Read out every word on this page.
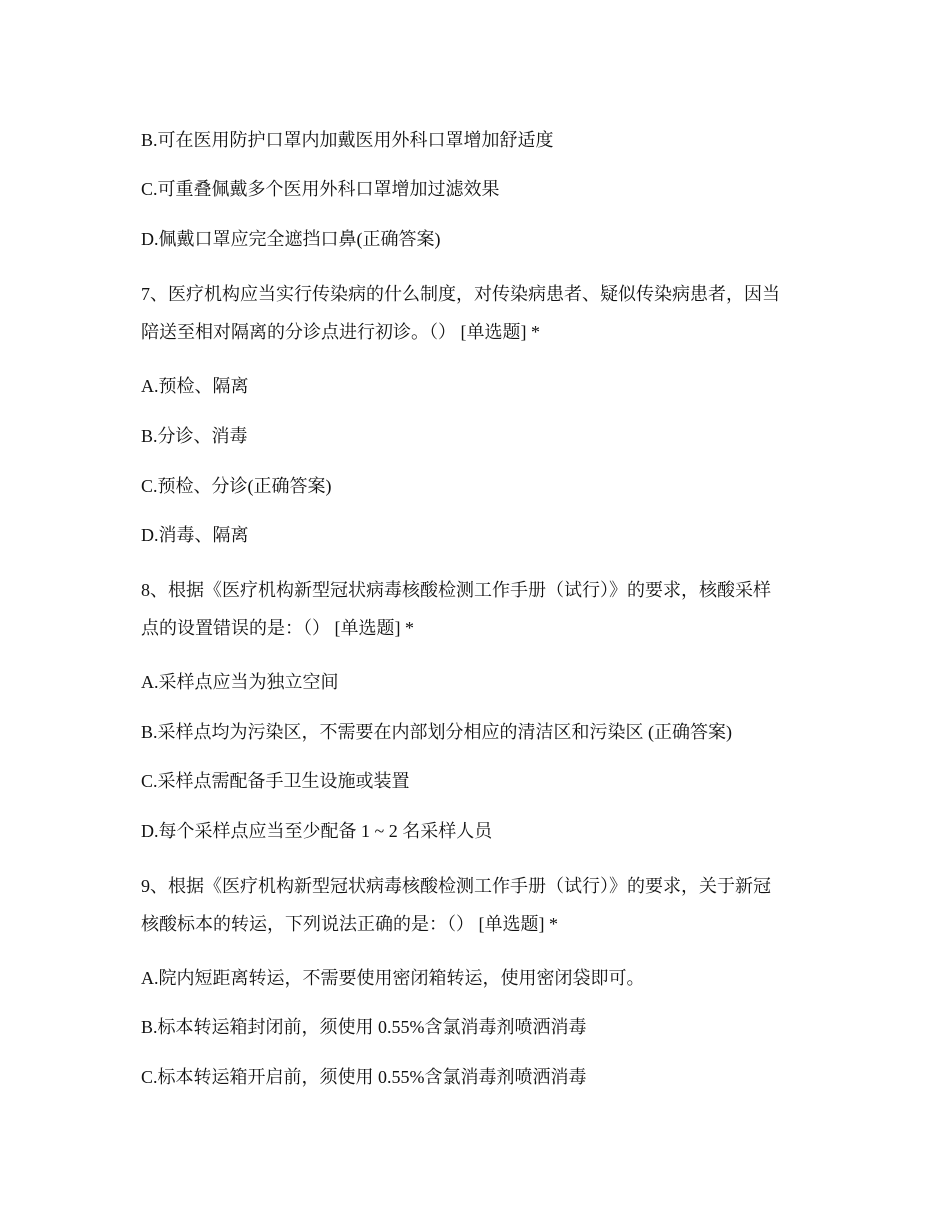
B.可在医用防护口罩内加戴医用外科口罩增加舒适度
C.可重叠佩戴多个医用外科口罩增加过滤效果
D.佩戴口罩应完全遮挡口鼻(正确答案)
7、医疗机构应当实行传染病的什么制度，对传染病患者、疑似传染病患者，因当
陪送至相对隔离的分诊点进行初诊。（） [单选题] *
A.预检、隔离
B.分诊、消毒
C.预检、分诊(正确答案)
D.消毒、隔离
8、根据《医疗机构新型冠状病毒核酸检测工作手册（试行）》的要求，核酸采样
点的设置错误的是：（） [单选题] *
A.采样点应当为独立空间
B.采样点均为污染区，不需要在内部划分相应的清洁区和污染区 (正确答案)
C.采样点需配备手卫生设施或装置
D.每个采样点应当至少配备 1 ~ 2 名采样人员
9、根据《医疗机构新型冠状病毒核酸检测工作手册（试行）》的要求，关于新冠
核酸标本的转运，下列说法正确的是：（） [单选题] *
A.院内短距离转运，不需要使用密闭箱转运，使用密闭袋即可。
B.标本转运箱封闭前，须使用 0.55%含氯消毒剂喷洒消毒
C.标本转运箱开启前，须使用 0.55%含氯消毒剂喷洒消毒
